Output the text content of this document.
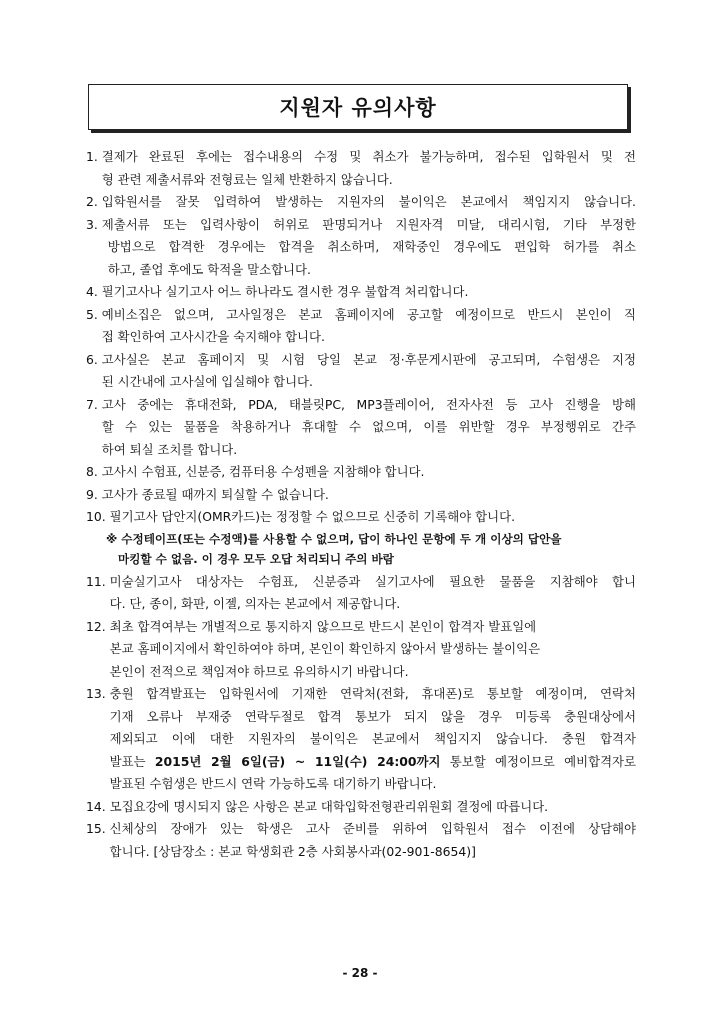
지원자 유의사항
1. 결제가 완료된 후에는 접수내용의 수정 및 취소가 불가능하며, 접수된 입학원서 및 전
형 관련 제출서류와 전형료는 일체 반환하지 않습니다.
2. 입학원서를 잘못 입력하여 발생하는 지원자의 불이익은 본교에서 책임지지 않습니다.
3. 제출서류 또는 입력사항이 허위로 판명되거나 지원자격 미달, 대리시험, 기타 부정한
방법으로 합격한 경우에는 합격을 취소하며, 재학중인 경우에도 편입학 허가를 취소
하고, 졸업 후에도 학적을 말소합니다.
4. 필기고사나 실기고사 어느 하나라도 결시한 경우 불합격 처리합니다.
5. 예비소집은 없으며, 고사일정은 본교 홈페이지에 공고할 예정이므로 반드시 본인이 직
접 확인하여 고사시간을 숙지해야 합니다.
6. 고사실은 본교 홈페이지 및 시험 당일 본교 정·후문게시판에 공고되며, 수험생은 지정
된 시간내에 고사실에 입실해야 합니다.
7. 고사 중에는 휴대전화, PDA, 태블릿PC, MP3플레이어, 전자사전 등 고사 진행을 방해
할 수 있는 물품을 착용하거나 휴대할 수 없으며, 이를 위반할 경우 부정행위로 간주
하여 퇴실 조치를 합니다.
8. 고사시 수험표, 신분증, 컴퓨터용 수성펜을 지참해야 합니다.
9. 고사가 종료될 때까지 퇴실할 수 없습니다.
10. 필기고사 답안지(OMR카드)는 정정할 수 없으므로 신중히 기록해야 합니다.
※ 수정테이프(또는 수정액)를 사용할 수 없으며, 답이 하나인 문항에 두 개 이상의 답안을
마킹할 수 없음. 이 경우 모두 오답 처리되니 주의 바람
11. 미술실기고사 대상자는 수험표, 신분증과 실기고사에 필요한 물품을 지참해야 합니
다. 단, 종이, 화판, 이젤, 의자는 본교에서 제공합니다.
12. 최초 합격여부는 개별적으로 통지하지 않으므로 반드시 본인이 합격자 발표일에
본교 홈페이지에서 확인하여야 하며, 본인이 확인하지 않아서 발생하는 불이익은
본인이 전적으로 책임져야 하므로 유의하시기 바랍니다.
13. 충원 합격발표는 입학원서에 기재한 연락처(전화, 휴대폰)로 통보할 예정이며, 연락처
기재 오류나 부재중 연락두절로 합격 통보가 되지 않을 경우 미등록 충원대상에서
제외되고 이에 대한 지원자의 불이익은 본교에서 책임지지 않습니다. 충원 합격자
발표는 2015년 2월 6일(금) ~ 11일(수) 24:00까지 통보할 예정이므로 예비합격자로
발표된 수험생은 반드시 연락 가능하도록 대기하기 바랍니다.
14. 모집요강에 명시되지 않은 사항은 본교 대학입학전형관리위원회 결정에 따릅니다.
15. 신체상의 장애가 있는 학생은 고사 준비를 위하여 입학원서 접수 이전에 상담해야
합니다. [상담장소 : 본교 학생회관 2층 사회봉사과(02-901-8654)]
- 28 -
